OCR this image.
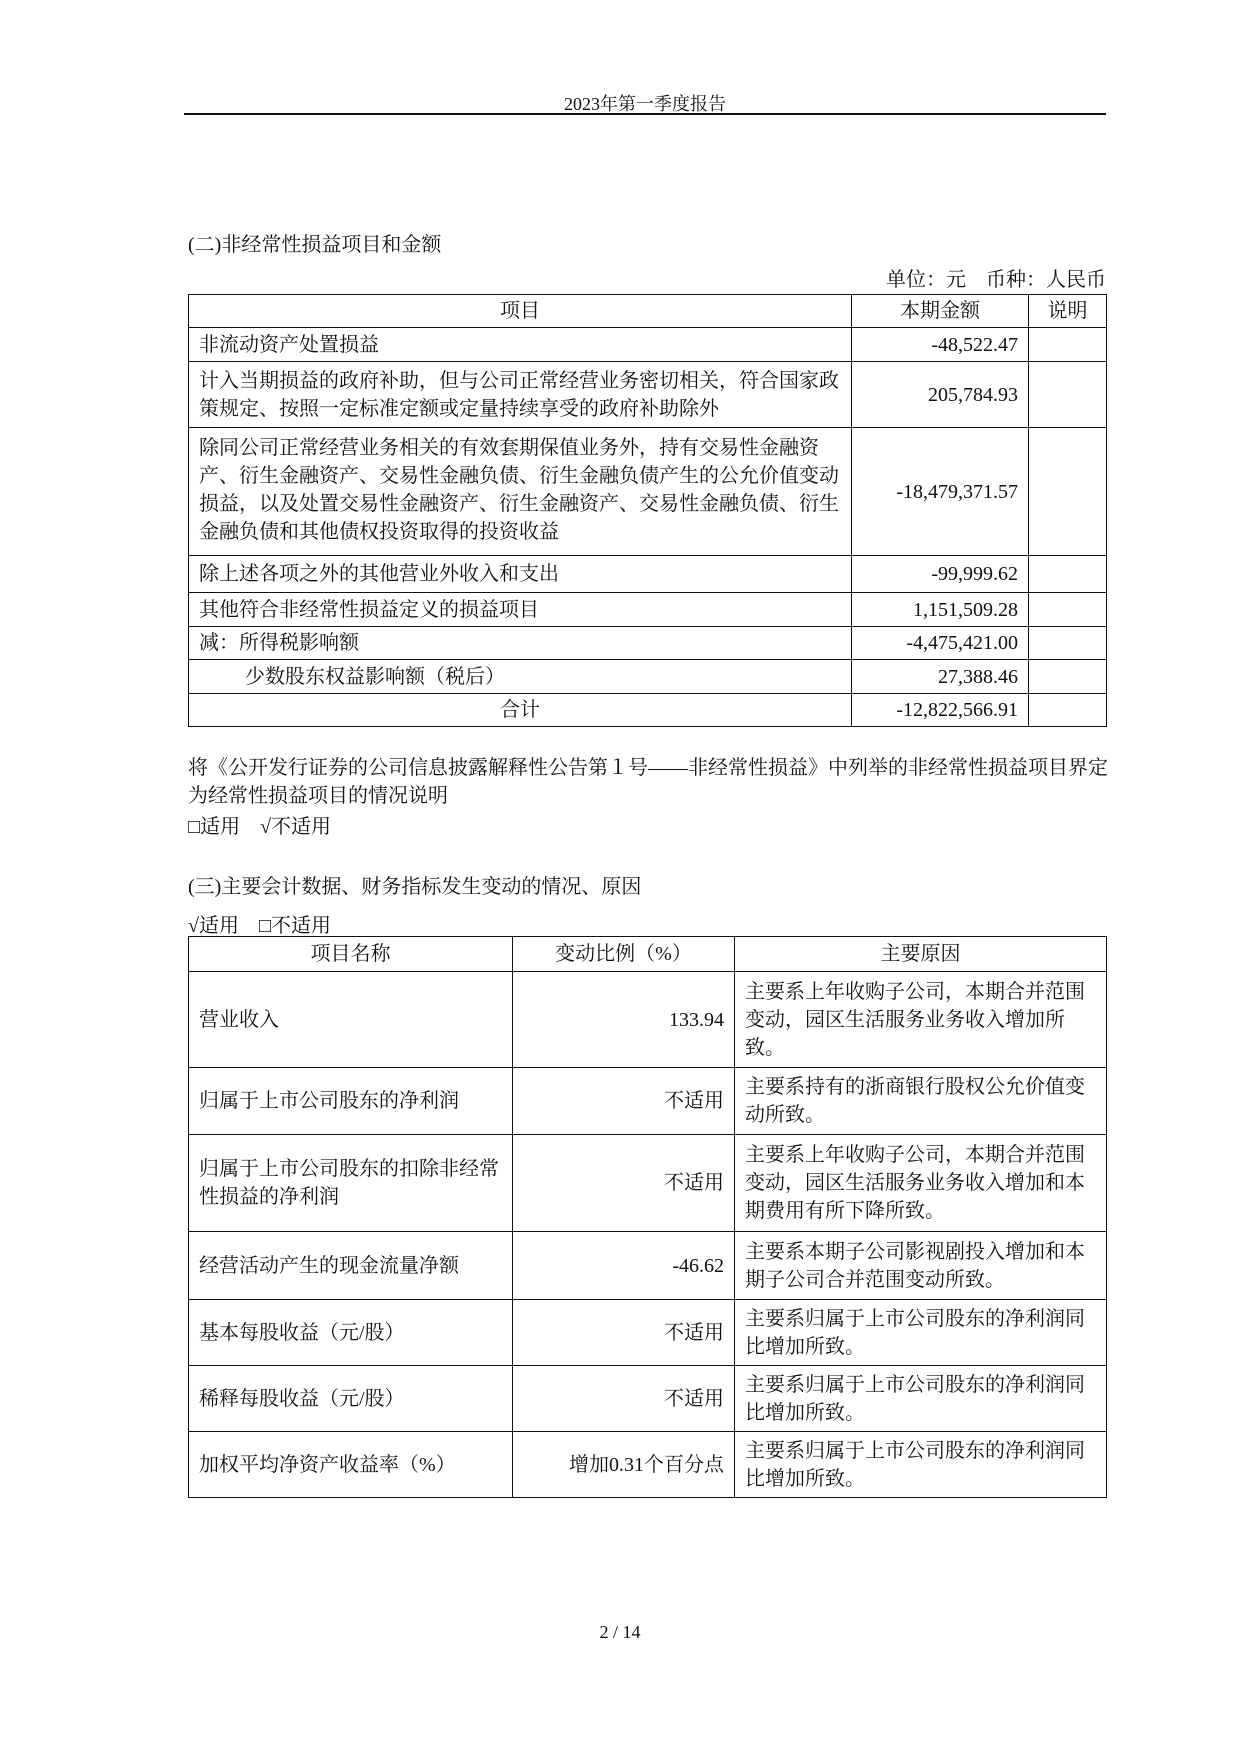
2023年第一季度报告
(二)非经常性损益项目和金额
单位：元　币种：人民币
项目	本期金额	说明
非流动资产处置损益	-48,522.47	
计入当期损益的政府补助，但与公司正常经营业务密切相关，符合国家政策规定、按照一定标准定额或定量持续享受的政府补助除外	205,784.93	
除同公司正常经营业务相关的有效套期保值业务外，持有交易性金融资产、衍生金融资产、交易性金融负债、衍生金融负债产生的公允价值变动损益，以及处置交易性金融资产、衍生金融资产、交易性金融负债、衍生金融负债和其他债权投资取得的投资收益	-18,479,371.57	
除上述各项之外的其他营业外收入和支出	-99,999.62	
其他符合非经常性损益定义的损益项目	1,151,509.28	
减：所得税影响额	-4,475,421.00	
少数股东权益影响额（税后）	27,388.46	
合计	-12,822,566.91	

将《公开发行证券的公司信息披露解释性公告第１号——非经常性损益》中列举的非经常性损益项目界定为经常性损益项目的情况说明

□适用　√不适用
(三)主要会计数据、财务指标发生变动的情况、原因
√适用　□不适用
项目名称	变动比例（%）	主要原因
营业收入	133.94	主要系上年收购子公司，本期合并范围变动，园区生活服务业务收入增加所致。
归属于上市公司股东的净利润	不适用	主要系持有的浙商银行股权公允价值变动所致。
归属于上市公司股东的扣除非经常性损益的净利润	不适用	主要系上年收购子公司，本期合并范围变动，园区生活服务业务收入增加和本期费用有所下降所致。
经营活动产生的现金流量净额	-46.62	主要系本期子公司影视剧投入增加和本期子公司合并范围变动所致。
基本每股收益（元/股）	不适用	主要系归属于上市公司股东的净利润同比增加所致。
稀释每股收益（元/股）	不适用	主要系归属于上市公司股东的净利润同比增加所致。
加权平均净资产收益率（%）	增加0.31个百分点	主要系归属于上市公司股东的净利润同比增加所致。
2 / 14
